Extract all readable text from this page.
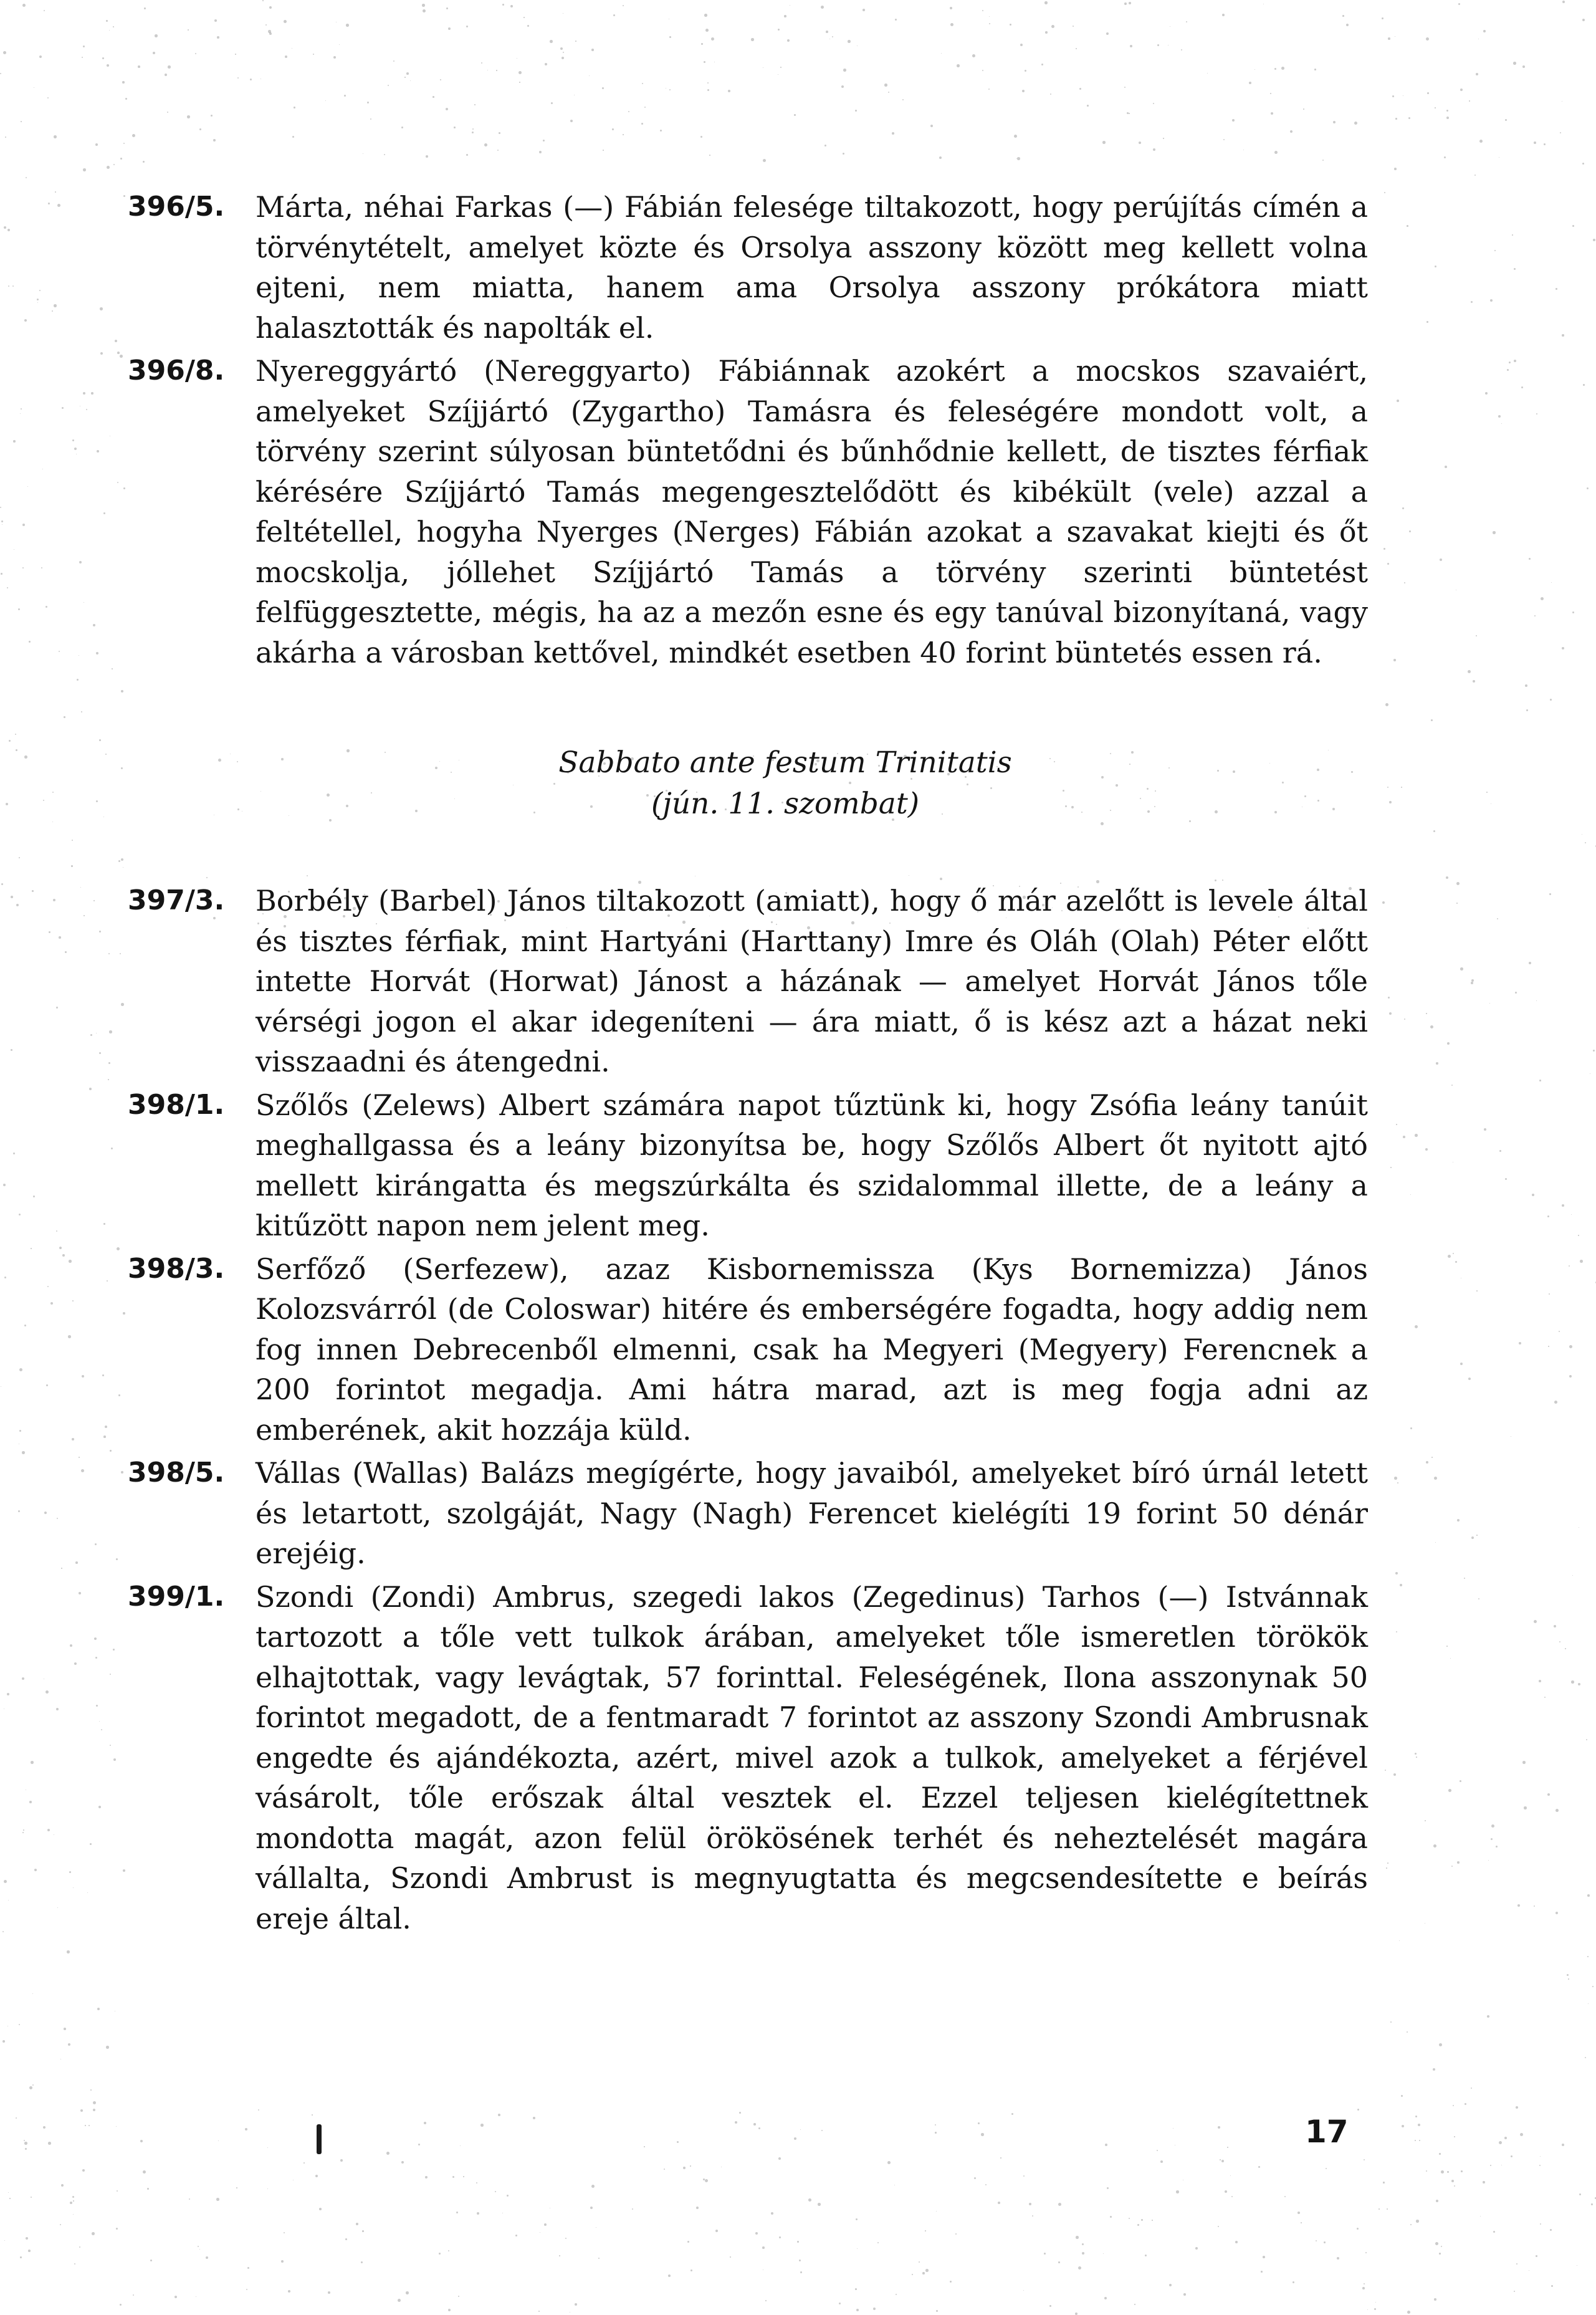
396/5. Márta, néhai Farkas (—) Fábián felesége tiltakozott, hogy perújítás címén a törvénytételt, amelyet közte és Orsolya asszony között meg kellett volna ejteni, nem miatta, hanem ama Orsolya asszony prókátora miatt halasztották és napolták el.
396/8. Nyereggyártó (Nereggyarto) Fábiánnak azokért a mocskos szavaiért, amelyeket Szíjjártó (Zygartho) Tamásra és feleségére mondott volt, a törvény szerint súlyosan büntetődni és bűnhődnie kellett, de tisztes férfiak kérésére Szíjjártó Tamás megengesztelődött és kibékült (vele) azzal a feltétellel, hogyha Nyerges (Nerges) Fábián azokat a szavakat kiejti és őt mocskolja, jóllehet Szíjjártó Tamás a törvény szerinti büntetést felfüggesztette, mégis, ha az a mezőn esne és egy tanúval bizonyítaná, vagy akárha a városban kettővel, mindkét esetben 40 forint büntetés essen rá.
Sabbato ante festum Trinitatis
(jún. 11. szombat)
397/3. Borbély (Barbel) János tiltakozott (amiatt), hogy ő már azelőtt is levele által és tisztes férfiak, mint Hartyáni (Harttany) Imre és Oláh (Olah) Péter előtt intette Horvát (Horwat) Jánost a házának — amelyet Horvát János tőle vérségi jogon el akar idegeníteni — ára miatt, ő is kész azt a házat neki visszaadni és átengedni.
398/1. Szőlős (Zelews) Albert számára napot tűztünk ki, hogy Zsófia leány tanúit meghallgassa és a leány bizonyítsa be, hogy Szőlős Albert őt nyitott ajtó mellett kirángatta és megszúrkálta és szidalommal illette, de a leány a kitűzött napon nem jelent meg.
398/3. Serfőző (Serfezew), azaz Kisbornemissza (Kys Bornemizza) János Kolozsvárról (de Coloswar) hitére és emberségére fogadta, hogy addig nem fog innen Debrecenből elmenni, csak ha Megyeri (Megyery) Ferencnek a 200 forintot megadja. Ami hátra marad, azt is meg fogja adni az emberének, akit hozzája küld.
398/5. Vállas (Wallas) Balázs megígérte, hogy javaiból, amelyeket bíró úrnál letett és letartott, szolgáját, Nagy (Nagh) Ferencet kielégíti 19 forint 50 dénár erejéig.
399/1. Szondi (Zondi) Ambrus, szegedi lakos (Zegedinus) Tarhos (—) Istvánnak tartozott a tőle vett tulkok árában, amelyeket tőle ismeretlen törökök elhajtottak, vagy levágtak, 57 forinttal. Feleségének, Ilona asszonynak 50 forintot megadott, de a fentmaradt 7 forintot az asszony Szondi Ambrusnak engedte és ajándékozta, azért, mivel azok a tulkok, amelyeket a férjével vásárolt, tőle erőszak által vesztek el. Ezzel teljesen kielégítettnek mondotta magát, azon felül örökösének terhét és neheztelését magára vállalta, Szondi Ambrust is megnyugtatta és megcsendesítette e beírás ereje által.
17
